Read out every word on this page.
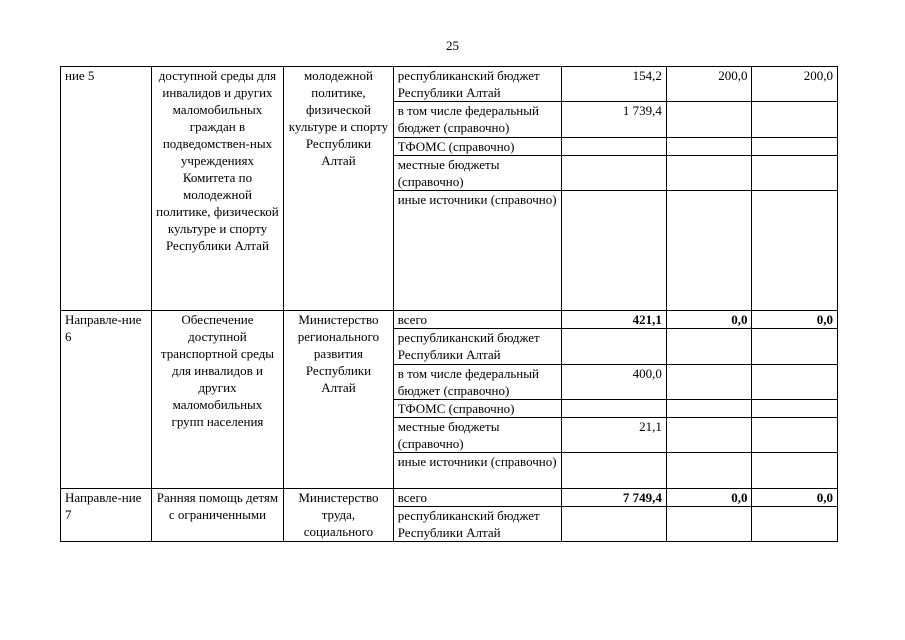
25
ние 5	доступной среды для инвалидов и других маломобильных граждан в подведомствен-ных учреждениях Комитета по молодежной политике, физической культуре и спорту Республики Алтай	молодежной политике, физической культуре и спорту Республики Алтай	республиканский бюджет Республики Алтай	154,2	200,0	200,0
			в том числе федеральный бюджет (справочно)	1 739,4		
			ТФОМС (справочно)			
			местные бюджеты (справочно)			
			иные источники (справочно)			
Направле-ние 6	Обеспечение доступной транспортной среды для инвалидов и других маломобильных групп населения	Министерство регионального развития Республики Алтай	всего	421,1	0,0	0,0
			республиканский бюджет Республики Алтай			
			в том числе федеральный бюджет (справочно)	400,0		
			ТФОМС (справочно)			
			местные бюджеты (справочно)	21,1		
			иные источники (справочно)			
Направле-ние 7	Ранняя помощь детям с ограниченными	Министерство труда, социального	всего	7 749,4	0,0	0,0
			республиканский бюджет Республики Алтай			
